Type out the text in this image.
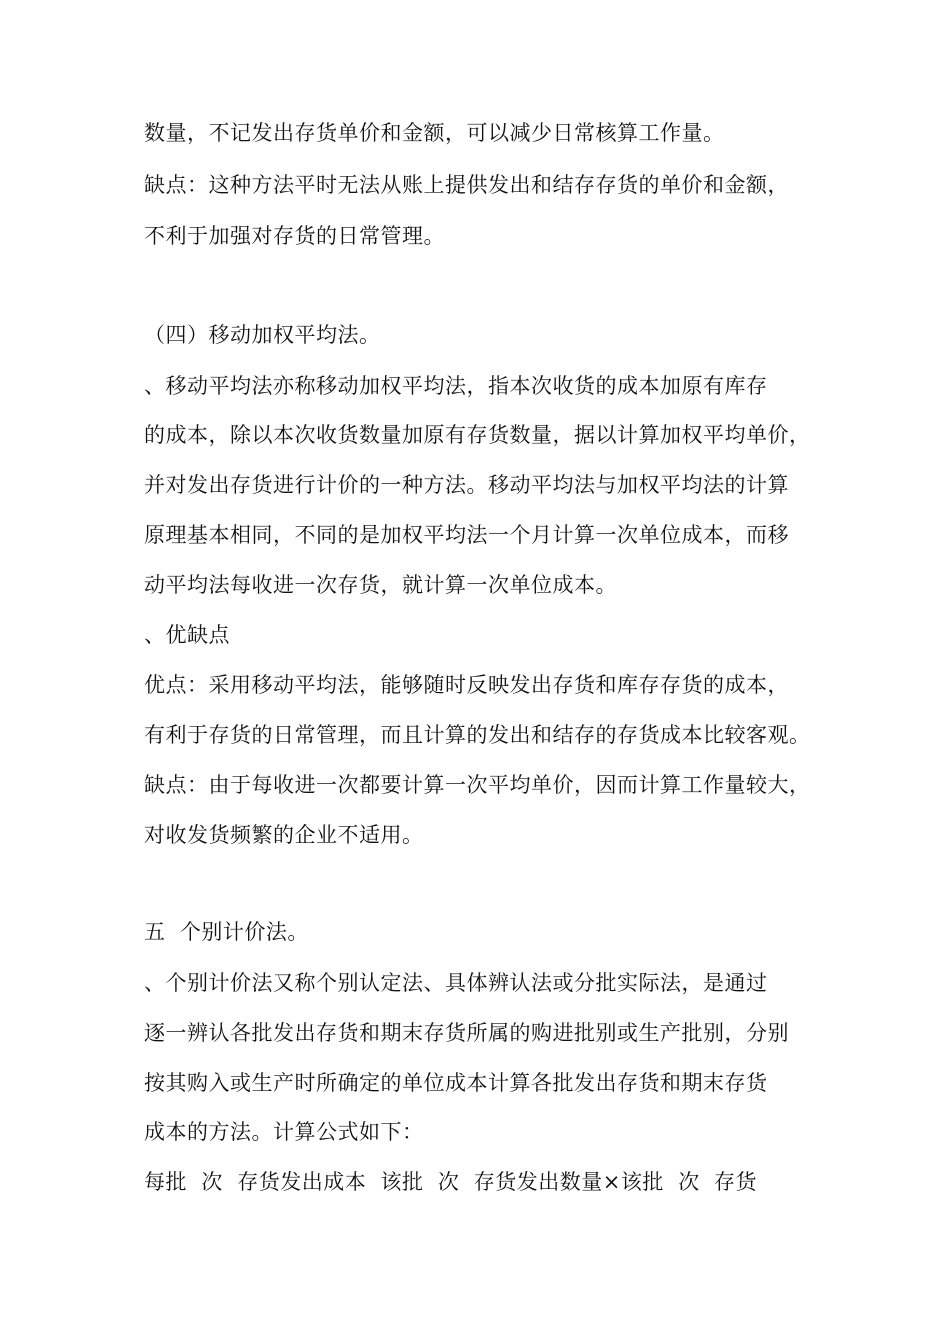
数量，不记发出存货单价和金额，可以减少日常核算工作量。
缺点：这种方法平时无法从账上提供发出和结存存货的单价和金额，
不利于加强对存货的日常管理。
（四）移动加权平均法。
、移动平均法亦称移动加权平均法，指本次收货的成本加原有库存
的成本，除以本次收货数量加原有存货数量，据以计算加权平均单价，
并对发出存货进行计价的一种方法。移动平均法与加权平均法的计算
原理基本相同，不同的是加权平均法一个月计算一次单位成本，而移
动平均法每收进一次存货，就计算一次单位成本。
、优缺点
优点：采用移动平均法，能够随时反映发出存货和库存存货的成本，
有利于存货的日常管理，而且计算的发出和结存的存货成本比较客观。
缺点：由于每收进一次都要计算一次平均单价，因而计算工作量较大，
对收发货频繁的企业不适用。
五  个别计价法。
、个别计价法又称个别认定法、具体辨认法或分批实际法，是通过
逐一辨认各批发出存货和期末存货所属的购进批别或生产批别，分别
按其购入或生产时所确定的单位成本计算各批发出存货和期末存货
成本的方法。计算公式如下：
每批  次  存货发出成本  该批  次  存货发出数量×该批  次  存货
